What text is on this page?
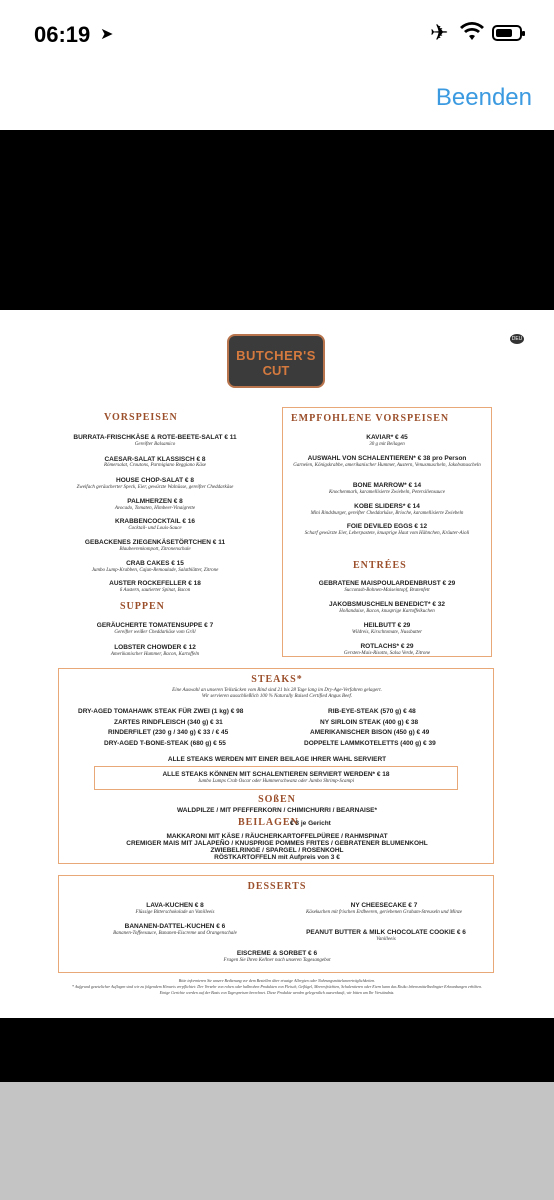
06:19 ➤	✈
Beenden
BUTCHER'S
CUT
DEU
VORSPEISEN
BURRATA-FRISCHKÄSE & ROTE-BEETE-SALAT € 11
Gereifter Balsamico
CAESAR-SALAT KLASSISCH € 8
Römersalat, Croutons, Parmigiano Reggiano Käse
HOUSE CHOP-SALAT € 8
Zweifach geräucherter Speck, Eier, gewürzte Walnüsse, gereifter Cheddarkäse
PALMHERZEN € 8
Avocado, Tomaten, Himbeer-Vinaigrette
KRABBENCOCKTAIL € 16
Cocktail- und Louis-Sauce
GEBACKENES ZIEGENKÄSETÖRTCHEN € 11
Blaubeerenkompott, Zitronenschale
CRAB CAKES € 15
Jumbo Lump-Krabben, Cajun-Remoulade, Salatblätter, Zitrone
AUSTER ROCKEFELLER € 18
6 Austern, sautierter Spinat, Bacon
SUPPEN
GERÄUCHERTE TOMATENSUPPE € 7
Gereifter weißer Cheddarkäse vom Grill
LOBSTER CHOWDER € 12
Amerikanischer Hummer, Bacon, Kartoffeln
EMPFOHLENE VORSPEISEN
KAVIAR* € 45
30 g mit Beilagen
AUSWAHL VON SCHALENTIEREN* € 38 pro Person
Garnelen, Königskrabbe, amerikanischer Hummer, Austern, Venusmuscheln, Jakobsmuscheln
BONE MARROW* € 14
Knochenmark, karamellisierte Zwiebeln, Petersiliensauce
KOBE SLIDERS* € 14
Mini Rindsburger, gereifter Cheddarkäse, Brioche, karamellisierte Zwiebeln
FOIE DEVILED EGGS € 12
Scharf gewürzte Eier, Leberpastete, knusprige Haut vom Hähnchen, Kräuter-Aioli
ENTRÉES
GEBRATENE MAISPOULARDENBRUST € 29
Succotash-Bohnen-Maiseintopf, Bratenfett
JAKOBSMUSCHELN BENEDICT* € 32
Hollandaise, Bacon, knusprige Kartoffelkuchen
HEILBUTT € 29
Wildreis, Kirschtomate, Nussbutter
ROTLACHS* € 29
Gersten-Mais-Risotto, Salsa Verde, Zitrone
STEAKS*
Eine Auswahl an unseren Teilstücken vom Rind sind 21 bis 28 Tage lang im Dry-Age-Verfahren gelagert.
Wir servieren ausschließlich 100 % Naturally Raised Certified Angus Beef.
DRY-AGED TOMAHAWK STEAK FÜR ZWEI (1 kg) € 98
ZARTES RINDFLEISCH (340 g) € 31
RINDERFILET (230 g / 340 g) € 33 / € 45
DRY-AGED T-BONE-STEAK (680 g) € 55
RIB-EYE-STEAK (570 g) € 48
NY SIRLOIN STEAK (400 g) € 38
AMERIKANISCHER BISON (450 g) € 49
DOPPELTE LAMMKOTELETTS (400 g) € 39
ALLE STEAKS WERDEN MIT EINER BEILAGE IHRER WAHL SERVIERT
ALLE STEAKS KÖNNEN MIT SCHALENTIEREN SERVIERT WERDEN* € 18
Jumbo Lumps Crab Oscar oder Hummerschwanz oder Jumbo Shrimp-Scampi
SOßEN
WALDPILZE / MIT PFEFFERKORN / CHIMICHURRI / BEARNAISE*
BEILAGEN
€ 3 je Gericht
MAKKARONI MIT KÄSE / RÄUCHERKARTOFFELPÜREE / RAHMSPINAT
CREMIGER MAIS MIT JALAPEÑO / KNUSPRIGE POMMES FRITES / GEBRATENER BLUMENKOHL
ZWIEBELRINGE / SPARGEL / ROSENKOHL
RÖSTKARTOFFELN mit Aufpreis von 3 €
DESSERTS
LAVA-KUCHEN € 8
Flüssige Bitterschokolade an Vanilleeis
NY CHEESECAKE € 7
Käsekuchen mit frischen Erdbeeren, geriebenen Graham-Streuseln und Minze
BANANEN-DATTEL-KUCHEN € 6
Bananen-Toffeesauce, Bananen-Eiscreme und Orangenschale	PEANUT BUTTER & MILK CHOCOLATE COOKIE € 6
Vanilleeis
EISCREME & SORBET € 6
Fragen Sie Ihren Kellner nach unseren Tagesangebot
Bitte informieren Sie unsere Bedienung vor dem Bestellen über etwaige Allergien oder Nahrungsmittelunverträglichkeiten.
* Aufgrund gesetzlicher Auflagen sind wir zu folgendem Hinweis verpflichtet: Der Verzehr von rohen oder halbrohen Produkten von Fleisch, Geflügel, Meeresfrüchten, Schalentieren oder Eiern kann das Risiko lebensmittelbedingter Erkrankungen erhöhen.
Einige Gerichte werden auf der Basis von Tagespreisen berechnet. Diese Produkte werden gelegentlich ausverkauft, wir bitten um Ihr Verständnis.
